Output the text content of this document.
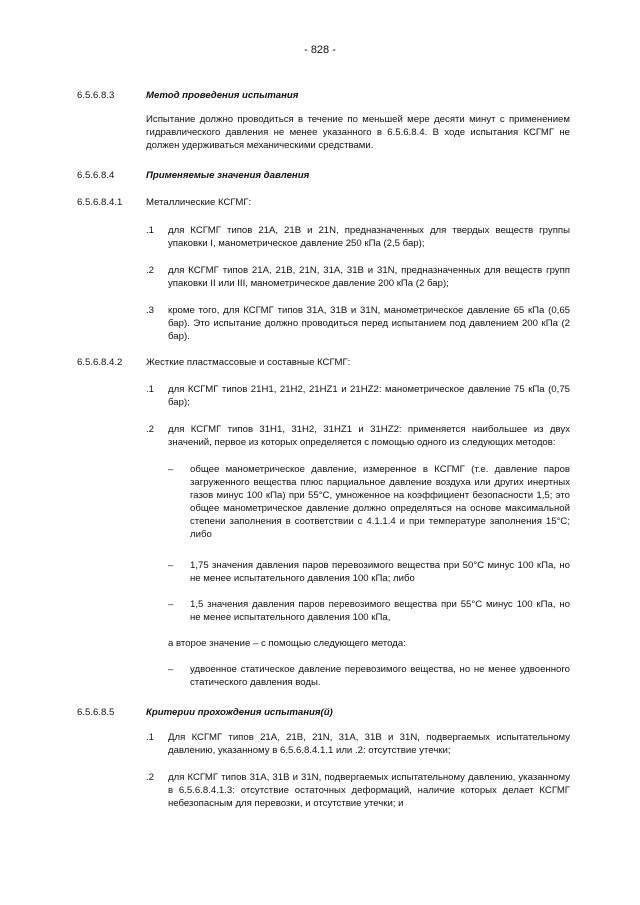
- 828 -
6.5.6.8.3	Метод проведения испытания
Испытание должно проводиться в течение по меньшей мере десяти минут с применением гидравлического давления не менее указанного в 6.5.6.8.4. В ходе испытания КСГМГ не должен удерживаться механическими средствами.
6.5.6.8.4	Применяемые значения давления
6.5.6.8.4.1 Металлические КСГМГ:
.1 для КСГМГ типов 21А, 21В и 21N, предназначенных для твердых веществ группы упаковки I, манометрическое давление 250 кПа (2,5 бар);
.2 для КСГМГ типов 21А, 21В, 21N, 31А, 31В и 31N, предназначенных для веществ групп упаковки II или III, манометрическое давление 200 кПа (2 бар);
.3 кроме того, для КСГМГ типов 31А, 31В и 31N, манометрическое давление 65 кПа (0,65 бар). Это испытание должно проводиться перед испытанием под давлением 200 кПа (2 бар).
6.5.6.8.4.2 Жесткие пластмассовые и составные КСГМГ:
.1 для КСГМГ типов 21Н1, 21Н2, 21НZ1 и 21НZ2: манометрическое давление 75 кПа (0,75 бар);
.2 для КСГМГ типов 31Н1, 31Н2, 31НZ1 и 31НZ2: применяется наибольшее из двух значений, первое из которых определяется с помощью одного из следующих методов:
– общее манометрическое давление, измеренное в КСГМГ (т.е. давление паров загруженного вещества плюс парциальное давление воздуха или других инертных газов минус 100 кПа) при 55°С, умноженное на коэффициент безопасности 1,5; это общее манометрическое давление должно определяться на основе максимальной степени заполнения в соответствии с 4.1.1.4 и при температуре заполнения 15°С; либо
– 1,75 значения давления паров перевозимого вещества при 50°С минус 100 кПа, но не менее испытательного давления 100 кПа; либо
– 1,5 значения давления паров перевозимого вещества при 55°С минус 100 кПа, но не менее испытательного давления 100 кПа,
а второе значение – с помощью следующего метода:
– удвоенное статическое давление перевозимого вещества, но не менее удвоенного статического давления воды.
6.5.6.8.5	Критерии прохождения испытания(й)
.1 Для КСГМГ типов 21А, 21В, 21N, 31А, 31В и 31N, подвергаемых испытательному давлению, указанному в 6.5.6.8.4.1.1 или .2: отсутствие утечки;
.2 для КСГМГ типов 31А, 31В и 31N, подвергаемых испытательному давлению, указанному в 6.5.6.8.4.1.3: отсутствие остаточных деформаций, наличие которых делает КСГМГ небезопасным для перевозки, и отсутствие утечки; и
